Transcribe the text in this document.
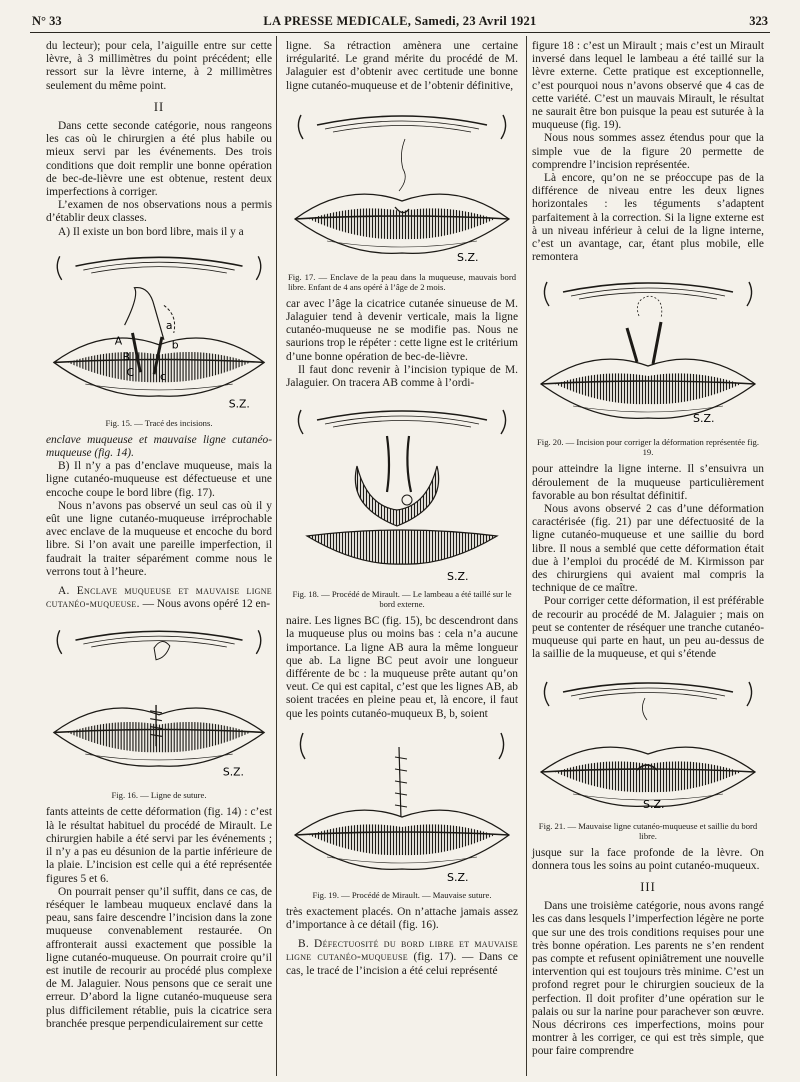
N° 33	LA PRESSE MEDICALE, Samedi, 23 Avril 1921	323

du lecteur); pour cela, l’aiguille entre sur cette lèvre, à 3 millimètres du point précédent; elle ressort sur la lèvre interne, à 2 millimètres seulement du même point.

II

Dans cette seconde catégorie, nous rangeons les cas où le chirurgien a été plus habile ou mieux servi par les événements. Des trois conditions que doit remplir une bonne opération de bec-de-lièvre une est obtenue, restent deux imperfections à corriger.

L’examen de nos observations nous a permis d’établir deux classes.

A) Il existe un bon bord libre, mais il y a

A
a
B
b
C c
S.Z.

Fig. 15. — Tracé des incisions.

enclave muqueuse et mauvaise ligne cutanéo-muqueuse (fig. 14).

B) Il n’y a pas d’enclave muqueuse, mais la ligne cutanéo-muqueuse est défectueuse et une encoche coupe le bord libre (fig. 17).

Nous n’avons pas observé un seul cas où il y eût une ligne cutanéo-muqueuse irréprochable avec enclave de la muqueuse et encoche du bord libre. Si l’on avait une pareille imperfection, il faudrait la traiter séparément comme nous le verrons tout à l’heure.

A. Enclave muqueuse et mauvaise ligne cutanéo-muqueuse. — Nous avons opéré 12 en-

S.Z.

Fig. 16. — Ligne de suture.

fants atteints de cette déformation (fig. 14) : c’est là le résultat habituel du procédé de Mirault. Le chirurgien habile a été servi par les événements ; il n’y a pas eu désunion de la partie inférieure de la plaie. L’incision est celle qui a été représentée figures 5 et 6.

On pourrait penser qu’il suffit, dans ce cas, de réséquer le lambeau muqueux enclavé dans la peau, sans faire descendre l’incision dans la zone muqueuse convenablement restaurée. On affronterait aussi exactement que possible la ligne cutanéo-muqueuse. On pourrait croire qu’il est inutile de recourir au procédé plus complexe de M. Jalaguier. Nous pensons que ce serait une erreur. D’abord la ligne cutanéo-muqueuse sera plus difficilement rétablie, puis la cicatrice sera branchée presque perpendiculairement sur cette

ligne. Sa rétraction amènera une certaine irrégularité. Le grand mérite du procédé de M. Jalaguier est d’obtenir avec certitude une bonne ligne cutanéo-muqueuse et de l’obtenir définitive,

S.Z.

Fig. 17. — Enclave de la peau dans la muqueuse, mauvais bord libre. Enfant de 4 ans opéré à l’âge de 2 mois.

car avec l’âge la cicatrice cutanée sinueuse de M. Jalaguier tend à devenir verticale, mais la ligne cutanéo-muqueuse ne se modifie pas. Nous ne saurions trop le répéter : cette ligne est le critérium d’une bonne opération de bec-de-lièvre.

Il faut donc revenir à l’incision typique de M. Jalaguier. On tracera AB comme à l’ordi-

S.Z.

Fig. 18. — Procédé de Mirault. — Le lambeau a été taillé sur le bord externe.

naire. Les lignes BC (fig. 15), bc descendront dans la muqueuse plus ou moins bas : cela n’a aucune importance. La ligne AB aura la même longueur que ab. La ligne BC peut avoir une longueur différente de bc : la muqueuse prête autant qu’on veut. Ce qui est capital, c’est que les lignes AB, ab soient tracées en pleine peau et, là encore, il faut que les points cutanéo-muqueux B, b, soient

S.Z.

Fig. 19. — Procédé de Mirault. — Mauvaise suture.

très exactement placés. On n’attache jamais assez d’importance à ce détail (fig. 16).

B. Défectuosité du bord libre et mauvaise ligne cutanéo-muqueuse (fig. 17). — Dans ce cas, le tracé de l’incision a été celui représenté

figure 18 : c’est un Mirault ; mais c’est un Mirault inversé dans lequel le lambeau a été taillé sur la lèvre externe. Cette pratique est exceptionnelle, c’est pourquoi nous n’avons observé que 4 cas de cette variété. C’est un mauvais Mirault, le résultat ne saurait être bon puisque la peau est suturée à la muqueuse (fig. 19).

Nous nous sommes assez étendus pour que la simple vue de la figure 20 permette de comprendre l’incision représentée.

Là encore, qu’on ne se préoccupe pas de la différence de niveau entre les deux lignes horizontales : les téguments s’adaptent parfaitement à la correction. Si la ligne externe est à un niveau inférieur à celui de la ligne interne, c’est un avantage, car, étant plus mobile, elle remontera

S.Z.

Fig. 20. — Incision pour corriger la déformation représentée fig. 19.

pour atteindre la ligne interne. Il s’ensuivra un déroulement de la muqueuse particulièrement favorable au bon résultat définitif.

Nous avons observé 2 cas d’une déformation caractérisée (fig. 21) par une défectuosité de la ligne cutanéo-muqueuse et une saillie du bord libre. Il nous a semblé que cette déformation était due à l’emploi du procédé de M. Kirmisson par des chirurgiens qui avaient mal compris la technique de ce maître.

Pour corriger cette déformation, il est préférable de recourir au procédé de M. Jalaguier ; mais on peut se contenter de réséquer une tranche cutanéo-muqueuse qui parte en haut, un peu au-dessus de la saillie de la muqueuse, et qui s’étende

S.Z.

Fig. 21. — Mauvaise ligne cutanéo-muqueuse et saillie du bord libre.

jusque sur la face profonde de la lèvre. On donnera tous les soins au point cutanéo-muqueux.

III

Dans une troisième catégorie, nous avons rangé les cas dans lesquels l’imperfection légère ne porte que sur une des trois conditions requises pour une très bonne opération. Les parents ne s’en rendent pas compte et refusent opiniâtrement une nouvelle intervention qui est toujours très minime. C’est un profond regret pour le chirurgien soucieux de la perfection. Il doit profiter d’une opération sur le palais ou sur la narine pour parachever son œuvre. Nous décrirons ces imperfections, moins pour montrer à les corriger, ce qui est très simple, que pour faire comprendre
